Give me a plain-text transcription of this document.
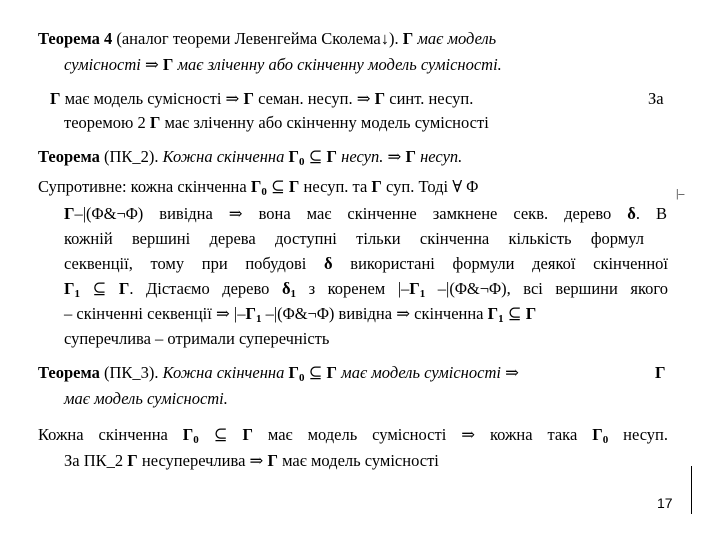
Теорема 4 (аналог теореми Левенгейма Сколема↓). Г має модель
сумісності ⇒ Г має зліченну або скінченну модель сумісності.
Г має модель сумісності ⇒ Г семан. несуп. ⇒ Г синт. несуп.	За
теоремою 2 Г має зліченну або скінченну модель сумісності
Теорема (ПК_2). Кожна скінченна $Г_0$ ⊆ Г несуп. ⇒ Г несуп.
Супротивне: кожна скінченна $Г_0$ ⊆ Г несуп. та Г суп. Тоді ∀ Φ	|–
Г–|(Φ&¬Φ) вивідна ⇒ вона має скінченне замкнене секв. дерево δ. В
кожній вершині дерева доступні тільки скінченна кількість формул
секвенції, тому при побудові δ використані формули деякої скінченної
$Г_1$ ⊆ Г. Дістаємо дерево $\delta_1$ з коренем $|-Г_1$ –|(Φ&¬Φ), всі вершини якого
– скінченні секвенції ⇒ $|-Г_1$ –|(Φ&¬Φ) вивідна ⇒ скінченна $Г_1$ ⊆ Г
суперечлива – отримали суперечність
Теорема (ПК_3). Кожна скінченна $Г_0$ ⊆ Г має модель сумісності ⇒	Г
має модель сумісності.
Кожна скінченна $Г_0$ ⊆ Г має модель сумісності ⇒ кожна така $Г_0$ несуп.
За ПК_2 Г несуперечлива ⇒ Г має модель сумісності
17
